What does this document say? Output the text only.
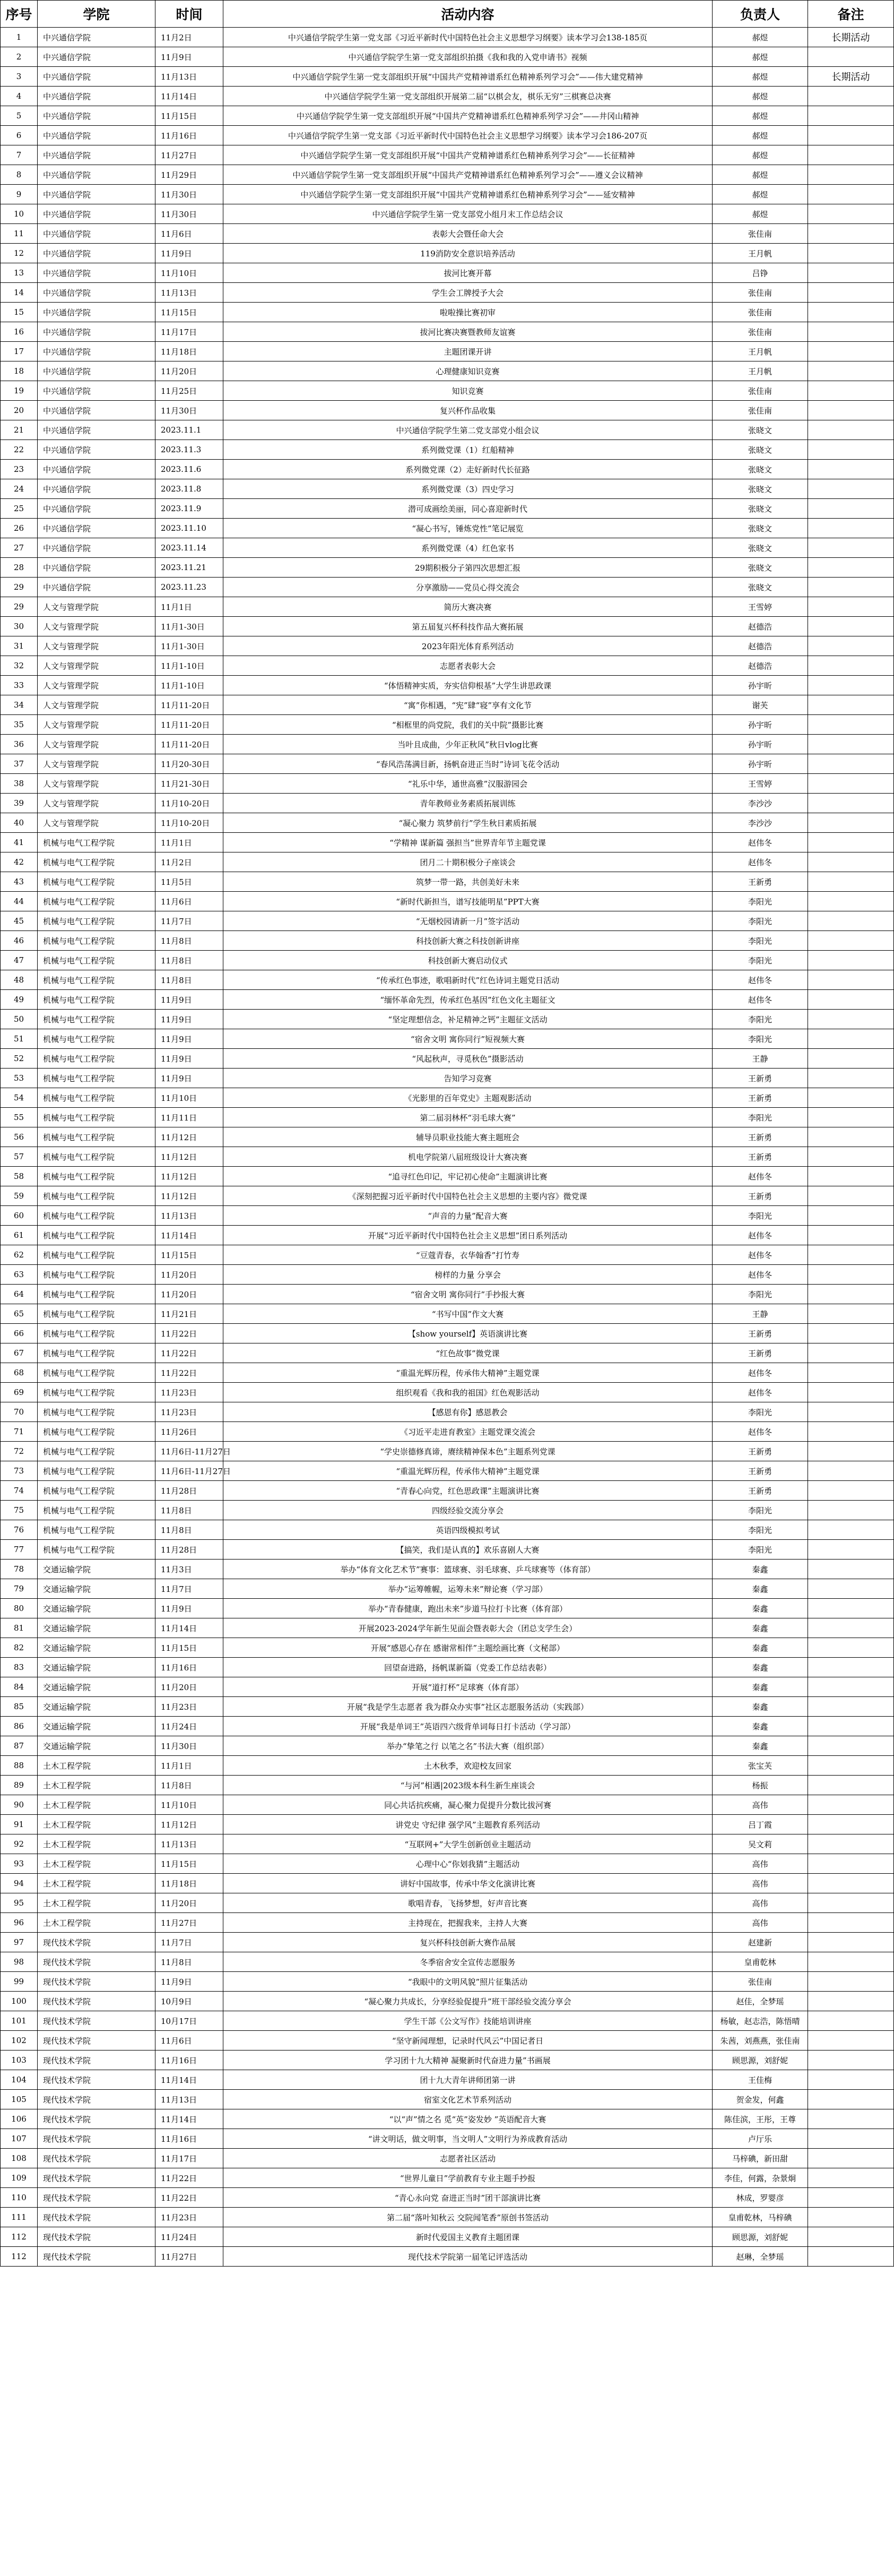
序号	学院	时间	活动内容	负责人	备注
1	中兴通信学院	11月2日	中兴通信学院学生第一党支部《习近平新时代中国特色社会主义思想学习纲要》读本学习会138-185页	郝煜	长期活动
2	中兴通信学院	11月9日	中兴通信学院学生第一党支部组织拍摄《我和我的入党申请书》视频	郝煜	
3	中兴通信学院	11月13日	中兴通信学院学生第一党支部组织开展“中国共产党精神谱系红色精神系列学习会”——伟大建党精神	郝煜	长期活动
4	中兴通信学院	11月14日	中兴通信学院学生第一党支部组织开展第二届“以棋会友，棋乐无穷”三棋赛总决赛	郝煜	
5	中兴通信学院	11月15日	中兴通信学院学生第一党支部组织开展“中国共产党精神谱系红色精神系列学习会”——井冈山精神	郝煜	
6	中兴通信学院	11月16日	中兴通信学院学生第一党支部《习近平新时代中国特色社会主义思想学习纲要》读本学习会186-207页	郝煜	
7	中兴通信学院	11月27日	中兴通信学院学生第一党支部组织开展“中国共产党精神谱系红色精神系列学习会”——长征精神	郝煜	
8	中兴通信学院	11月29日	中兴通信学院学生第一党支部组织开展“中国共产党精神谱系红色精神系列学习会”——遵义会议精神	郝煜	
9	中兴通信学院	11月30日	中兴通信学院学生第一党支部组织开展“中国共产党精神谱系红色精神系列学习会”——延安精神	郝煜	
10	中兴通信学院	11月30日	中兴通信学院学生第一党支部党小组月末工作总结会议	郝煜	
11	中兴通信学院	11月6日	表彰大会暨任命大会	张佳南	
12	中兴通信学院	11月9日	119消防安全意识培养活动	王月帆	
13	中兴通信学院	11月10日	拔河比赛开幕	吕铮	
14	中兴通信学院	11月13日	学生会工牌授予大会	张佳南	
15	中兴通信学院	11月15日	啦啦操比赛初审	张佳南	
16	中兴通信学院	11月17日	拔河比赛决赛暨教师友谊赛	张佳南	
17	中兴通信学院	11月18日	主题团课开讲	王月帆	
18	中兴通信学院	11月20日	心理健康知识竞赛	王月帆	
19	中兴通信学院	11月25日	知识竞赛	张佳南	
20	中兴通信学院	11月30日	复兴杯作品收集	张佳南	
21	中兴通信学院	2023.11.1	中兴通信学院学生第二党支部党小组会议	张晓文	
22	中兴通信学院	2023.11.3	系列微党课（1）红船精神	张晓文	
23	中兴通信学院	2023.11.6	系列微党课（2）走好新时代长征路	张晓文	
24	中兴通信学院	2023.11.8	系列微党课（3）四史学习	张晓文	
25	中兴通信学院	2023.11.9	潜可成画绘美丽，同心喜迎新时代	张晓文	
26	中兴通信学院	2023.11.10	“凝心书写，锤炼党性”笔记展览	张晓文	
27	中兴通信学院	2023.11.14	系列微党课（4）红色家书	张晓文	
28	中兴通信学院	2023.11.21	29期积极分子第四次思想汇报	张晓文	
29	中兴通信学院	2023.11.23	分享激励——党员心得交流会	张晓文	
29	人文与管理学院	11月1日	简历大赛决赛	王雪婷	
30	人文与管理学院	11月1-30日	第五届复兴杯科技作品大赛拓展	赵德浩	
31	人文与管理学院	11月1-30日	2023年阳光体育系列活动	赵德浩	
32	人文与管理学院	11月1-10日	志愿者表彰大会	赵德浩	
33	人文与管理学院	11月1-10日	“体悟精神实质，夯实信仰根基”大学生讲思政课	孙宇昕	
34	人文与管理学院	11月11-20日	“寓”你相遇，“宪”肆“寝”享有文化节	谢芙	
35	人文与管理学院	11月11-20日	“相框里的尚党院，我们的关中院”摄影比赛	孙宇昕	
36	人文与管理学院	11月11-20日	当叶且成曲，少年正秋风”秋日vlog比赛	孙宇昕	
37	人文与管理学院	11月20-30日	“春风浩荡满目新，扬帆奋进正当时”诗词飞花令活动	孙宇昕	
38	人文与管理学院	11月21-30日	“礼乐中华，通世高雅”汉服游园会	王雪婷	
39	人文与管理学院	11月10-20日	青年教师业务素质拓展训练	李沙沙	
40	人文与管理学院	11月10-20日	“凝心聚力 筑梦前行”学生秋日素质拓展	李沙沙	
41	机械与电气工程学院	11月1日	“学精神 谋新篇 强担当”世界青年节主题党课	赵伟冬	
42	机械与电气工程学院	11月2日	团月二十期积极分子座谈会	赵伟冬	
43	机械与电气工程学院	11月5日	筑梦一带一路，共创美好未来	王新勇	
44	机械与电气工程学院	11月6日	“新时代新担当，谱写技能明星”PPT大赛	李阳光	
45	机械与电气工程学院	11月7日	“无烟校园请新一月”签字活动	李阳光	
46	机械与电气工程学院	11月8日	科技创新大赛之科技创新讲座	李阳光	
47	机械与电气工程学院	11月8日	科技创新大赛启动仪式	李阳光	
48	机械与电气工程学院	11月8日	“传承红色事迹，歌唱新时代”红色诗词主题党日活动	赵伟冬	
49	机械与电气工程学院	11月9日	“缅怀革命先烈，传承红色基因”红色文化主题征文	赵伟冬	
50	机械与电气工程学院	11月9日	“坚定理想信念，补足精神之钙”主题征文活动	李阳光	
51	机械与电气工程学院	11月9日	“宿舍文明 寓你同行”短视频大赛	李阳光	
52	机械与电气工程学院	11月9日	“风起秋声，寻觅秋色”摄影活动	王静	
53	机械与电气工程学院	11月9日	告知学习竞赛	王新勇	
54	机械与电气工程学院	11月10日	《光影里的百年党史》主题观影活动	王新勇	
55	机械与电气工程学院	11月11日	第二届羽林杯“羽毛球大赛”	李阳光	
56	机械与电气工程学院	11月12日	辅导员职业技能大赛主题班会	王新勇	
57	机械与电气工程学院	11月12日	机电学院第八届班级设计大赛决赛	王新勇	
58	机械与电气工程学院	11月12日	“追寻红色印记，牢记初心使命”主题演讲比赛	赵伟冬	
59	机械与电气工程学院	11月12日	《深刻把握习近平新时代中国特色社会主义思想的主要内容》微党课	王新勇	
60	机械与电气工程学院	11月13日	“声音的力量”配音大赛	李阳光	
61	机械与电气工程学院	11月14日	开展“习近平新时代中国特色社会主义思想”团日系列活动	赵伟冬	
62	机械与电气工程学院	11月15日	“豆蔻青春，衣华翰香”打竹寿	赵伟冬	
63	机械与电气工程学院	11月20日	榜样的力量 分享会	赵伟冬	
64	机械与电气工程学院	11月20日	“宿舍文明 寓你同行”手抄报大赛	李阳光	
65	机械与电气工程学院	11月21日	“书写中国”作文大赛	王静	
66	机械与电气工程学院	11月22日	【show yourself】英语演讲比赛	王新勇	
67	机械与电气工程学院	11月22日	“红色故事”微党课	王新勇	
68	机械与电气工程学院	11月22日	“重温光辉历程，传承伟大精神”主题党课	赵伟冬	
69	机械与电气工程学院	11月23日	组织观看《我和我的祖国》红色观影活动	赵伟冬	
70	机械与电气工程学院	11月23日	【感恩有你】感恩教会	李阳光	
71	机械与电气工程学院	11月26日	《习近平走进育教室》主题党课交流会	赵伟冬	
72	机械与电气工程学院	11月6日-11月27日	“学史崇德修真谛，赓续精神保本色”主题系列党课	王新勇	
73	机械与电气工程学院	11月6日-11月27日	“重温光辉历程，传承伟大精神”主题党课	王新勇	
74	机械与电气工程学院	11月28日	“青春心向党，红色思政课”主题演讲比赛	王新勇	
75	机械与电气工程学院	11月8日	四级经验交流分享会	李阳光	
76	机械与电气工程学院	11月8日	英语四级模拟考试	李阳光	
77	机械与电气工程学院	11月28日	【搞笑，我们是认真的】欢乐喜剧人大赛	李阳光	
78	交通运输学院	11月3日	举办“体育文化艺术节”赛事：篮球赛、羽毛球赛、乒乓球赛等（体育部）	秦鑫	
79	交通运输学院	11月7日	举办“运筹帷幄，运筹未来”辩论赛（学习部）	秦鑫	
80	交通运输学院	11月9日	举办“青春健康，跑出未来”步道马拉打卡比赛（体育部）	秦鑫	
81	交通运输学院	11月14日	开展2023-2024学年新生见面会暨表彰大会（团总支学生会）	秦鑫	
82	交通运输学院	11月15日	开展“感恩心存在 感谢常相伴”主题绘画比赛（文秘部）	秦鑫	
83	交通运输学院	11月16日	回望奋进路，扬帆谋新篇（党委工作总结表彰）	秦鑫	
84	交通运输学院	11月20日	开展“道打杯”足球赛（体育部）	秦鑫	
85	交通运输学院	11月23日	开展“我是学生志愿者 我为群众办实事”社区志愿服务活动（实践部）	秦鑫	
86	交通运输学院	11月24日	开展“我是单词王”英语四六级背单词每日打卡活动（学习部）	秦鑫	
87	交通运输学院	11月30日	举办“挚笔之行 以笔之名”书法大赛（组织部）	秦鑫	
88	土木工程学院	11月1日	土木秋季，欢迎校友回家	张宝芙	
89	土木工程学院	11月8日	“与河”相遇|2023级本科生新生座谈会	杨振	
90	土木工程学院	11月10日	同心共话抗疾痛，凝心聚力促提升分数比拔河赛	高伟	
91	土木工程学院	11月12日	讲党史 守纪律 强学风”主题教育系列活动	吕丁霞	
92	土木工程学院	11月13日	“互联网+”大学生创新创业主题活动	吴文莉	
93	土木工程学院	11月15日	心理中心“你划我猜”主题活动	高伟	
94	土木工程学院	11月18日	讲好中国故事，传承中华文化演讲比赛	高伟	
95	土木工程学院	11月20日	歌唱青春，飞扬梦想，好声音比赛	高伟	
96	土木工程学院	11月27日	主持现在，把握我来，主持人大赛	高伟	
97	现代技术学院	11月7日	复兴杯科技创新大赛作品展	赵建新	
98	现代技术学院	11月8日	冬季宿舍安全宣传志愿服务	皇甫乾林	
99	现代技术学院	11月9日	“我眼中的文明风貌”照片征集活动	张佳南	
100	现代技术学院	10月9日	“凝心聚力共成长，分享经验促提升”班干部经验交流分享会	赵佳，全梦瑶	
101	现代技术学院	10月17日	学生干部《公文写作》技能培训讲座	杨敏，赵志浩，陈悟晴	
102	现代技术学院	11月6日	“坚守新闻理想，记录时代风云”中国记者日	朱茜，刘燕燕，张佳南	
103	现代技术学院	11月16日	学习团十九大精神 凝聚新时代奋进力量”书画展	顾思源，刘舒妮	
104	现代技术学院	11月14日	团十九大青年讲师团第一讲	王佳梅	
105	现代技术学院	11月13日	宿室文化艺术节系列活动	贺金发，何鑫	
106	现代技术学院	11月14日	“以“声”情之名 觅“英”姿发妙 ”英语配音大赛	陈佳滨，王彤，王尊	
107	现代技术学院	11月16日	“讲文明话，做文明事，当文明人”文明行为养成教育活动	卢厅乐	
108	现代技术学院	11月17日	志愿者社区活动	马梓碘，新田甜	
109	现代技术学院	11月22日	“世界儿童日”学前教育专业主题手抄报	李佳，何露，杂景炯	
110	现代技术学院	11月22日	“青心永向党 奋进正当时”团干部演讲比赛	林成，罗婴彦	
111	现代技术学院	11月23日	第二届“落叶知秋云 交院闻笔香”原创书签活动	皇甫乾林，马梓碘	
112	现代技术学院	11月24日	新时代爱国主义教育主题团课	顾思源，刘舒妮	
112	现代技术学院	11月27日	现代技术学院第一届笔记评选活动	赵琳，全梦瑶	
